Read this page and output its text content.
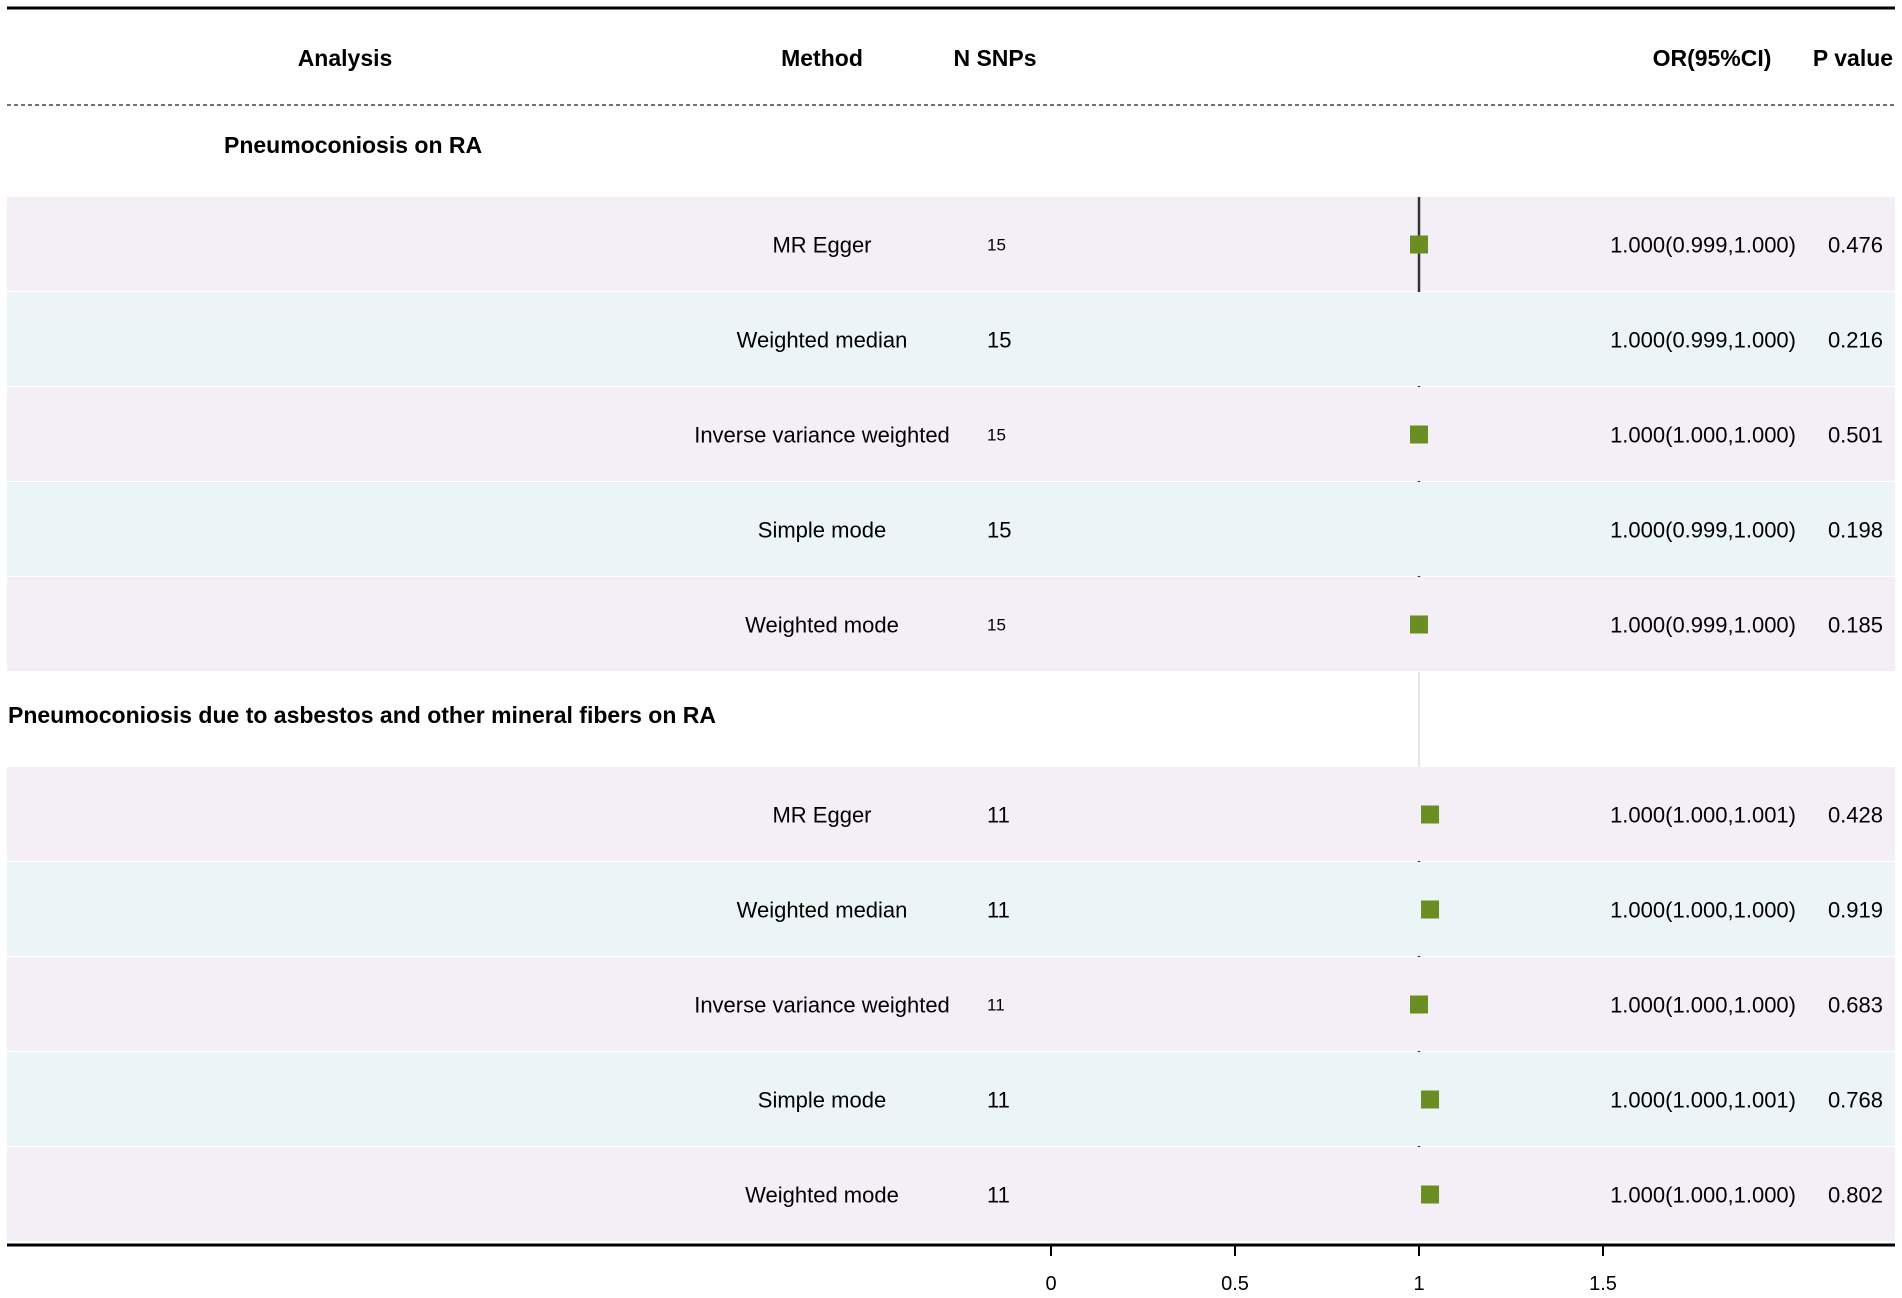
Analysis	Method	N SNPs	OR(95%CI) P value
Pneumoconiosis on RA
MR Egger	15	1.000(0.999,1.000) 0.476
Weighted median	15	1.000(0.999,1.000) 0.216
Inverse variance weighted 15	1.000(1.000,1.000) 0.501
Simple mode	15	1.000(0.999,1.000) 0.198
Weighted mode	15	1.000(0.999,1.000) 0.185
Pneumoconiosis due to asbestos and other mineral fibers on RA
MR Egger	11	1.000(1.000,1.001) 0.428
Weighted median	11	1.000(1.000,1.000) 0.919
Inverse variance weighted 11	1.000(1.000,1.000) 0.683
Simple mode	11	1.000(1.000,1.001) 0.768
Weighted mode	11	1.000(1.000,1.000) 0.802
0	0.5	1	1.5
